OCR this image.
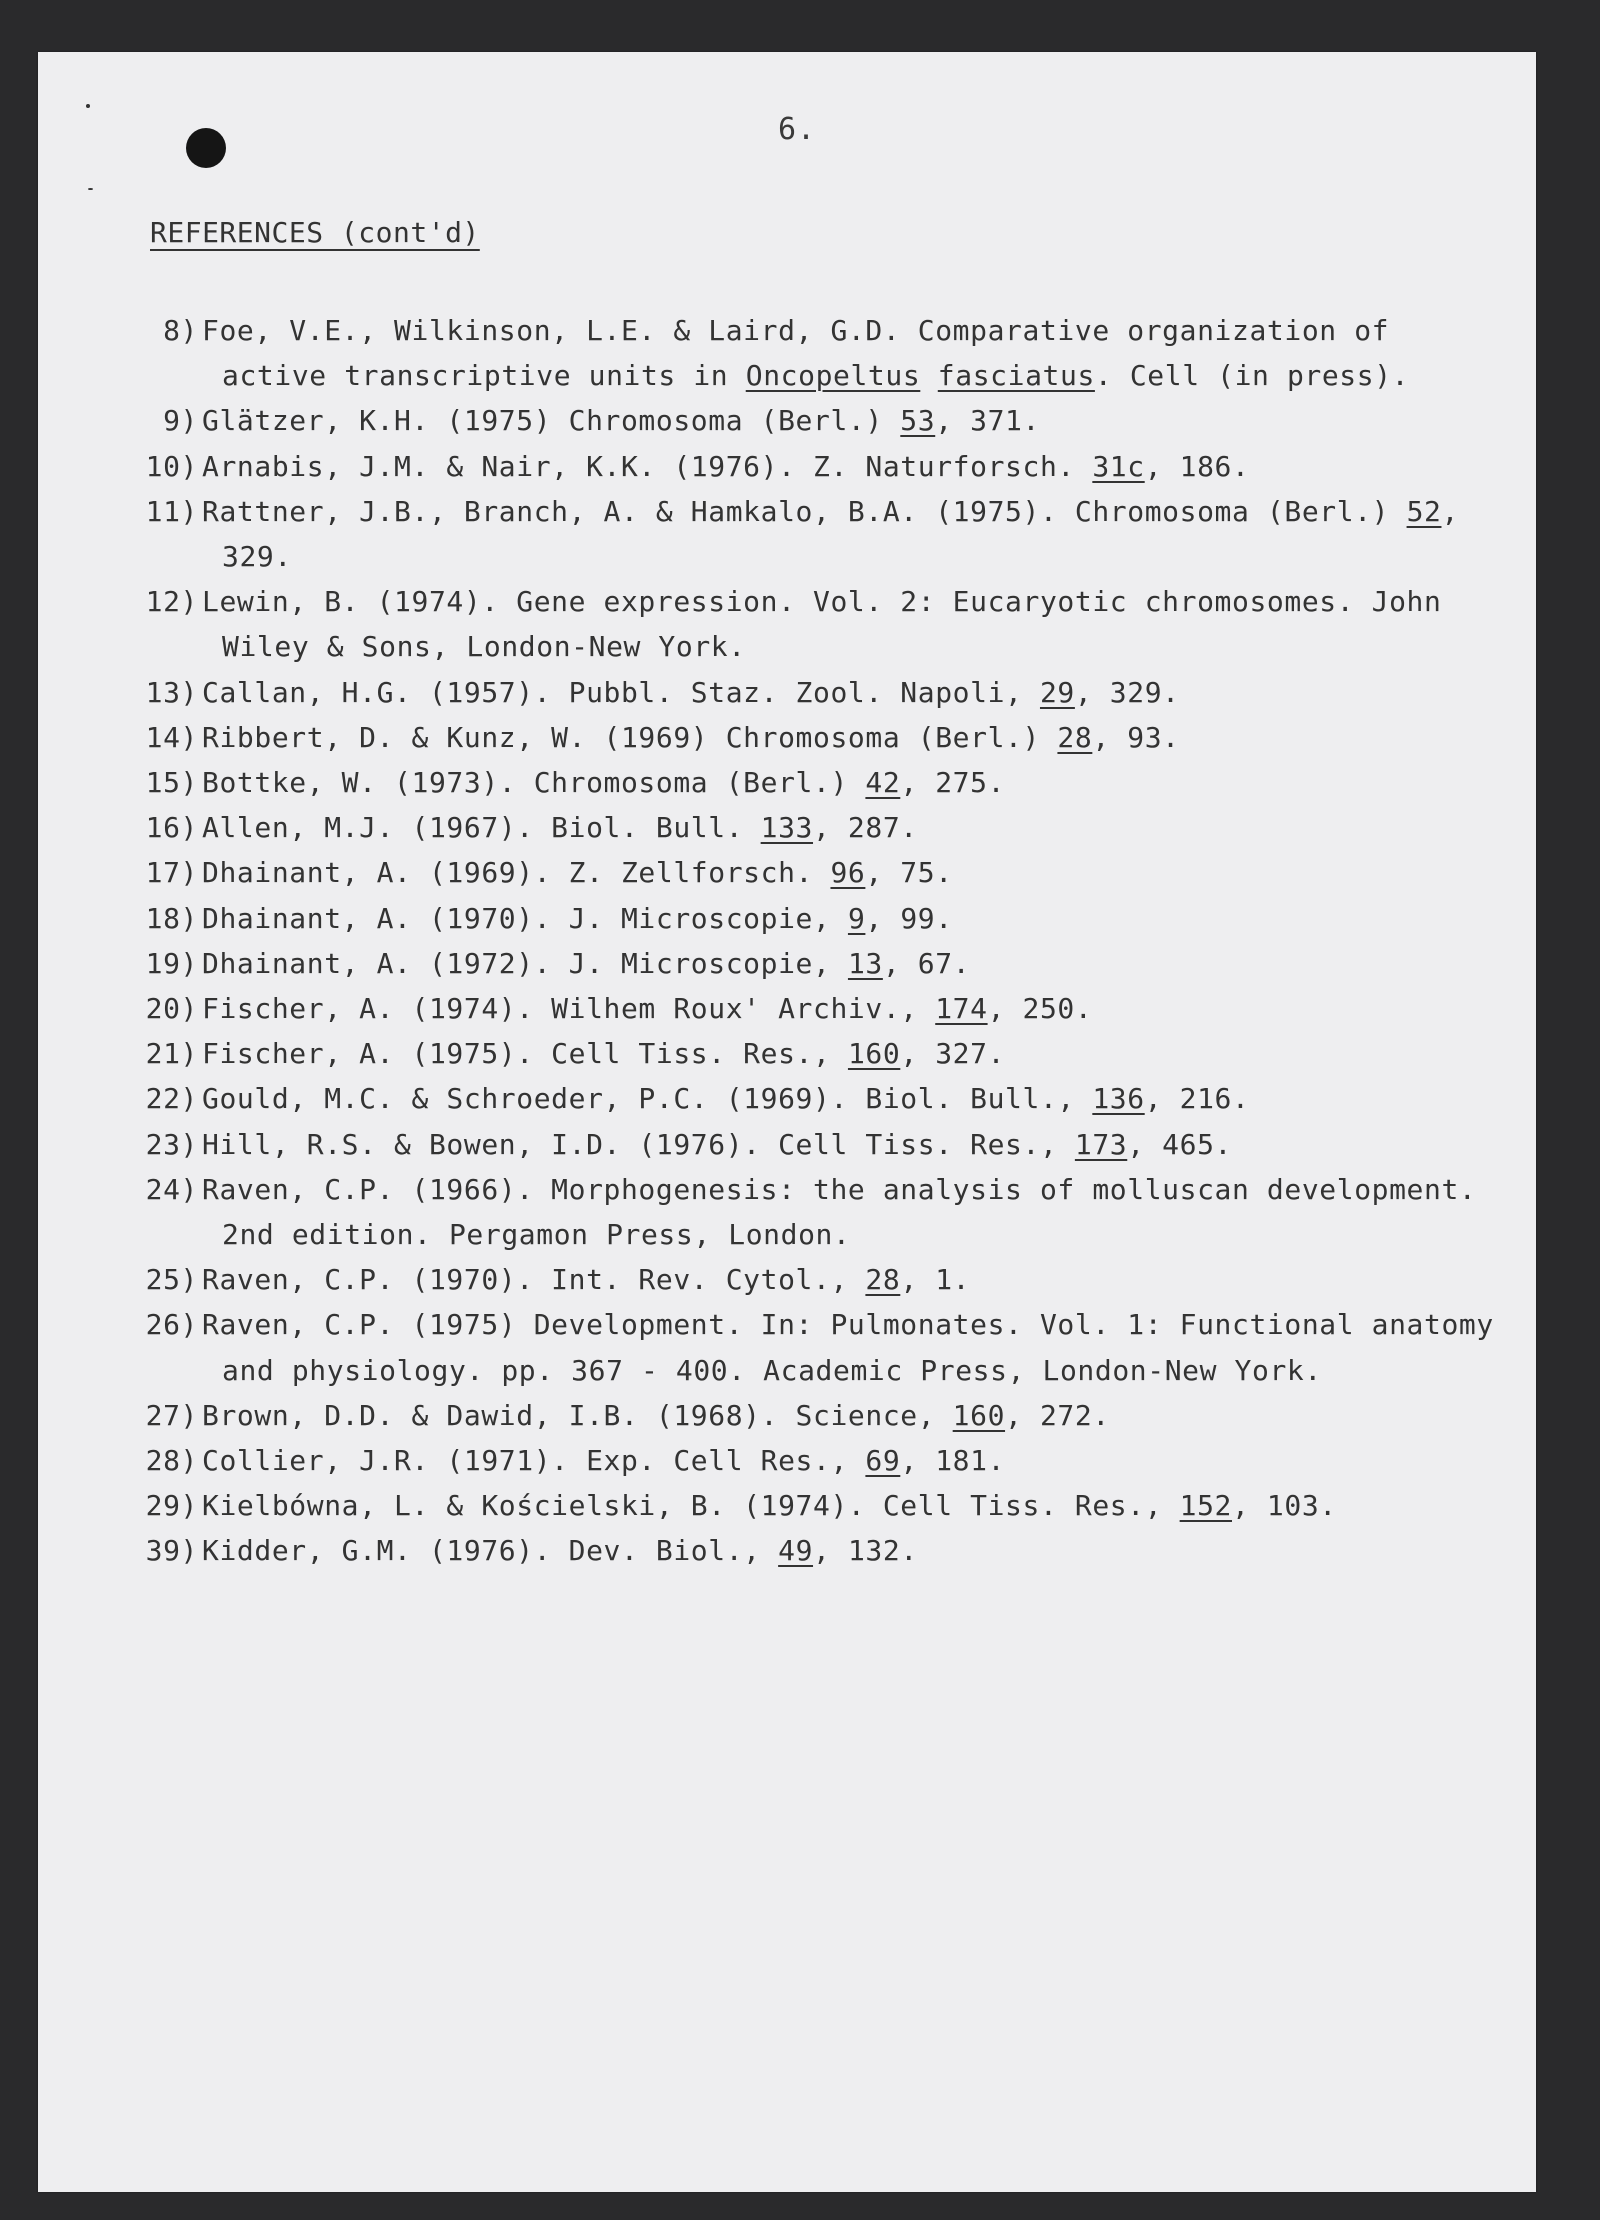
6.
REFERENCES (cont'd)
8) Foe, V.E., Wilkinson, L.E. & Laird, G.D. Comparative organization of active transcriptive units in Oncopeltus fasciatus. Cell (in press).
9) Glätzer, K.H. (1975) Chromosoma (Berl.) 53, 371.
10) Arnabis, J.M. & Nair, K.K. (1976). Z. Naturforsch. 31c, 186.
11) Rattner, J.B., Branch, A. & Hamkalo, B.A. (1975). Chromosoma (Berl.) 52, 329.
12) Lewin, B. (1974). Gene expression. Vol. 2: Eucaryotic chromosomes. John Wiley & Sons, London-New York.
13) Callan, H.G. (1957). Pubbl. Staz. Zool. Napoli, 29, 329.
14) Ribbert, D. & Kunz, W. (1969) Chromosoma (Berl.) 28, 93.
15) Bottke, W. (1973). Chromosoma (Berl.) 42, 275.
16) Allen, M.J. (1967). Biol. Bull. 133, 287.
17) Dhainant, A. (1969). Z. Zellforsch. 96, 75.
18) Dhainant, A. (1970). J. Microscopie, 9, 99.
19) Dhainant, A. (1972). J. Microscopie, 13, 67.
20) Fischer, A. (1974). Wilhem Roux' Archiv., 174, 250.
21) Fischer, A. (1975). Cell Tiss. Res., 160, 327.
22) Gould, M.C. & Schroeder, P.C. (1969). Biol. Bull., 136, 216.
23) Hill, R.S. & Bowen, I.D. (1976). Cell Tiss. Res., 173, 465.
24) Raven, C.P. (1966). Morphogenesis: the analysis of molluscan development. 2nd edition. Pergamon Press, London.
25) Raven, C.P. (1970). Int. Rev. Cytol., 28, 1.
26) Raven, C.P. (1975) Development. In: Pulmonates. Vol. 1: Functional anatomy and physiology. pp. 367 - 400. Academic Press, London-New York.
27) Brown, D.D. & Dawid, I.B. (1968). Science, 160, 272.
28) Collier, J.R. (1971). Exp. Cell Res., 69, 181.
29) Kielbówna, L. & Kościelski, B. (1974). Cell Tiss. Res., 152, 103.
39) Kidder, G.M. (1976). Dev. Biol., 49, 132.
